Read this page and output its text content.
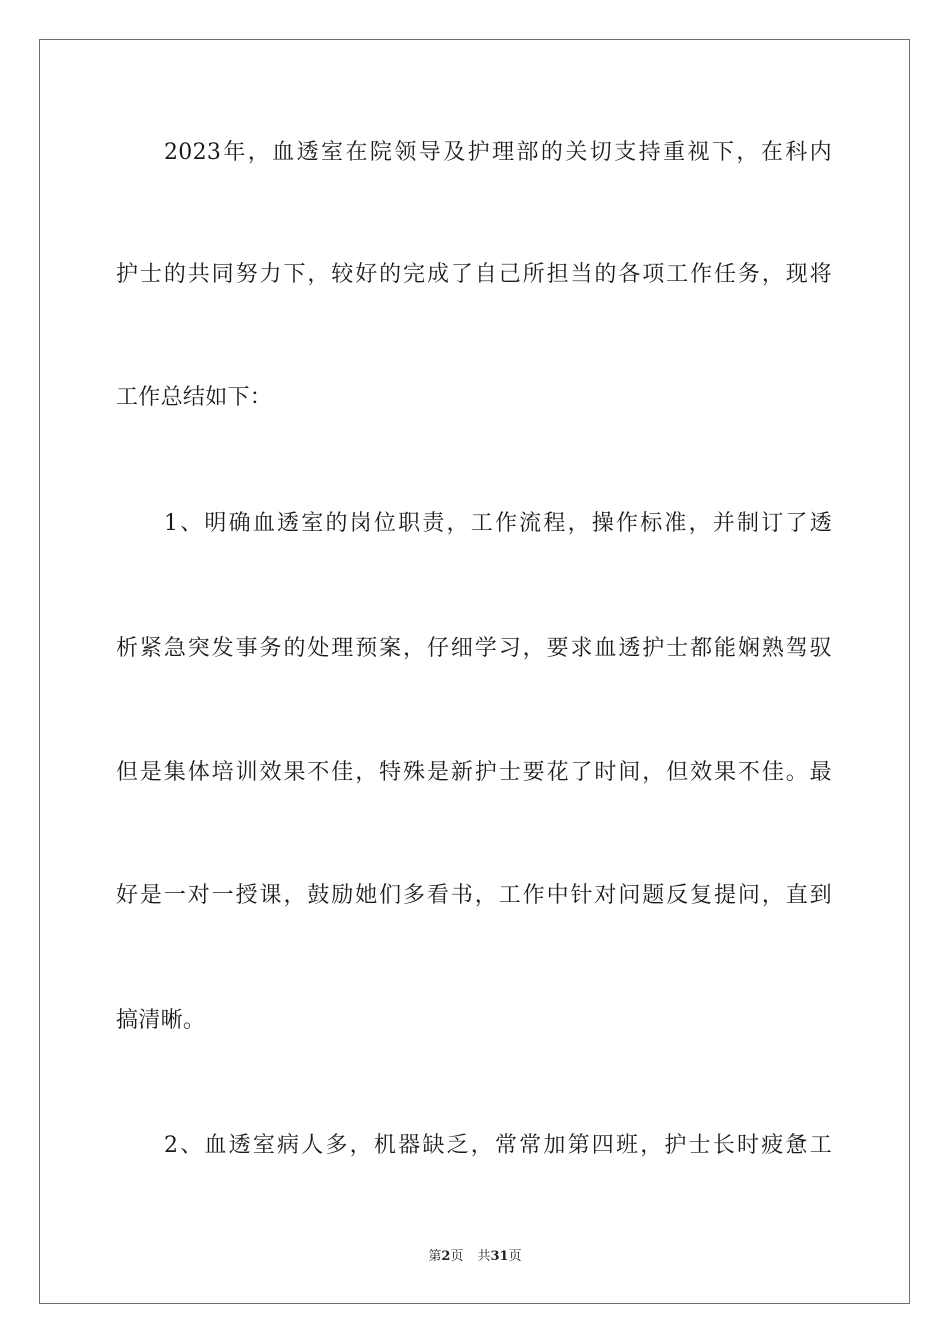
2023年，血透室在院领导及护理部的关切支持重视下，在科内
护士的共同努力下，较好的完成了自己所担当的各项工作任务，现将
工作总结如下：
1、明确血透室的岗位职责，工作流程，操作标准，并制订了透
析紧急突发事务的处理预案，仔细学习，要求血透护士都能娴熟驾驭
但是集体培训效果不佳，特殊是新护士要花了时间，但效果不佳。最
好是一对一授课，鼓励她们多看书，工作中针对问题反复提问，直到
搞清晰。
2、血透室病人多，机器缺乏，常常加第四班，护士长时疲惫工
第2页 共31页
